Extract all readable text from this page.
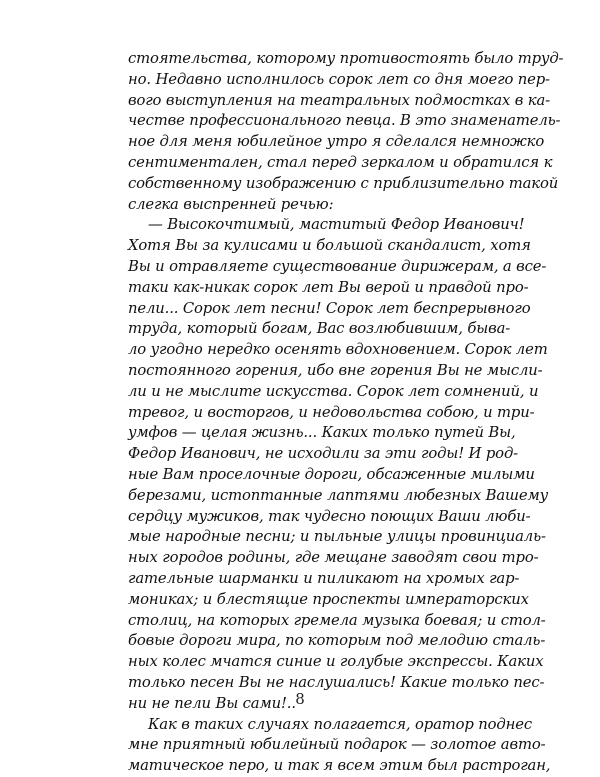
стоятельства, которому противостоять было труд-
но. Недавно исполнилось сорок лет со дня моего пер-
вого выступления на театральных подмостках в ка-
честве профессионального певца. В это знаменатель-
ное для меня юбилейное утро я сделался немножко
сентиментален, стал перед зеркалом и обратился к
собственному изображению с приблизительно такой
слегка выспренней речью:
— Высокочтимый, маститый Федор Иванович!
Хотя Вы за кулисами и большой скандалист, хотя
Вы и отравляете существование дирижерам, а все-
таки как-никак сорок лет Вы верой и правдой про-
пели... Сорок лет песни! Сорок лет беспрерывного
труда, который богам, Вас возлюбившим, быва-
ло угодно нередко осенять вдохновением. Сорок лет
постоянного горения, ибо вне горения Вы не мысли-
ли и не мыслите искусства. Сорок лет сомнений, и
тревог, и восторгов, и недовольства собою, и три-
умфов — целая жизнь... Каких только путей Вы,
Федор Иванович, не исходили за эти годы! И род-
ные Вам проселочные дороги, обсаженные милыми
березами, истоптанные лаптями любезных Вашему
сердцу мужиков, так чудесно поющих Ваши люби-
мые народные песни; и пыльные улицы провинциаль-
ных городов родины, где мещане заводят свои тро-
гательные шарманки и пиликают на хромых гар-
мониках; и блестящие проспекты императорских
столиц, на которых гремела музыка боевая; и стол-
бовые дороги мира, по которым под мелодию сталь-
ных колес мчатся синие и голубые экспрессы. Каких
только песен Вы не наслушались! Какие только пес-
ни не пели Вы сами!..
Как в таких случаях полагается, оратор поднес
мне приятный юбилейный подарок — золотое авто-
матическое перо, и так я всем этим был растроган,
8
